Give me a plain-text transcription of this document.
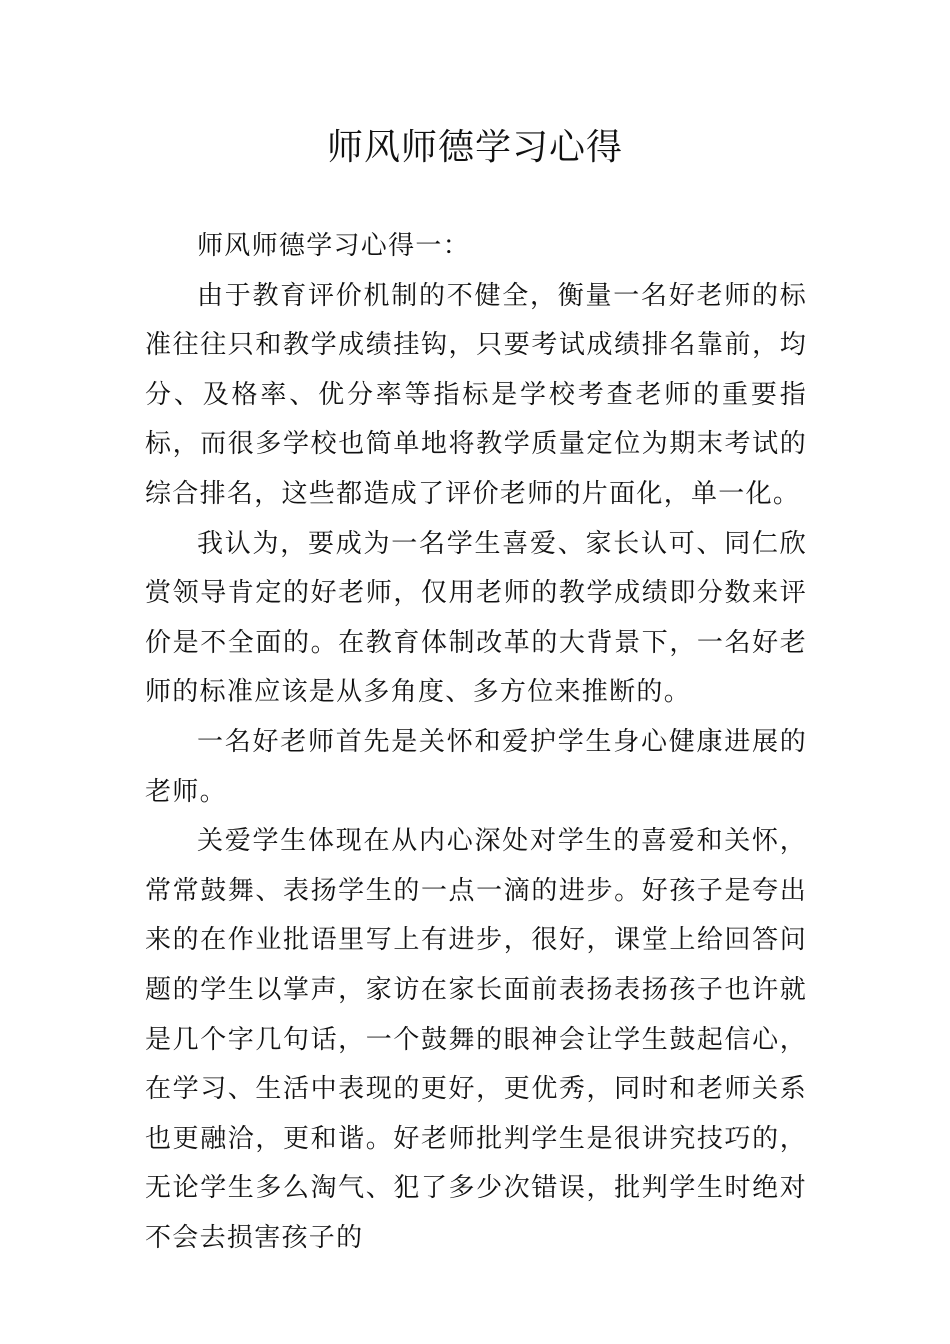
师风师德学习心得

师风师德学习心得一：

由于教育评价机制的不健全，衡量一名好老师的标准往往只和教学成绩挂钩，只要考试成绩排名靠前，均分、及格率、优分率等指标是学校考查老师的重要指标，而很多学校也简单地将教学质量定位为期末考试的综合排名，这些都造成了评价老师的片面化，单一化。

我认为，要成为一名学生喜爱、家长认可、同仁欣赏领导肯定的好老师，仅用老师的教学成绩即分数来评价是不全面的。在教育体制改革的大背景下，一名好老师的标准应该是从多角度、多方位来推断的。

一名好老师首先是关怀和爱护学生身心健康进展的老师。

关爱学生体现在从内心深处对学生的喜爱和关怀，常常鼓舞、表扬学生的一点一滴的进步。好孩子是夸出来的在作业批语里写上有进步，很好，课堂上给回答问题的学生以掌声，家访在家长面前表扬表扬孩子也许就是几个字几句话，一个鼓舞的眼神会让学生鼓起信心，在学习、生活中表现的更好，更优秀，同时和老师关系也更融洽，更和谐。好老师批判学生是很讲究技巧的，无论学生多么淘气、犯了多少次错误，批判学生时绝对不会去损害孩子的
